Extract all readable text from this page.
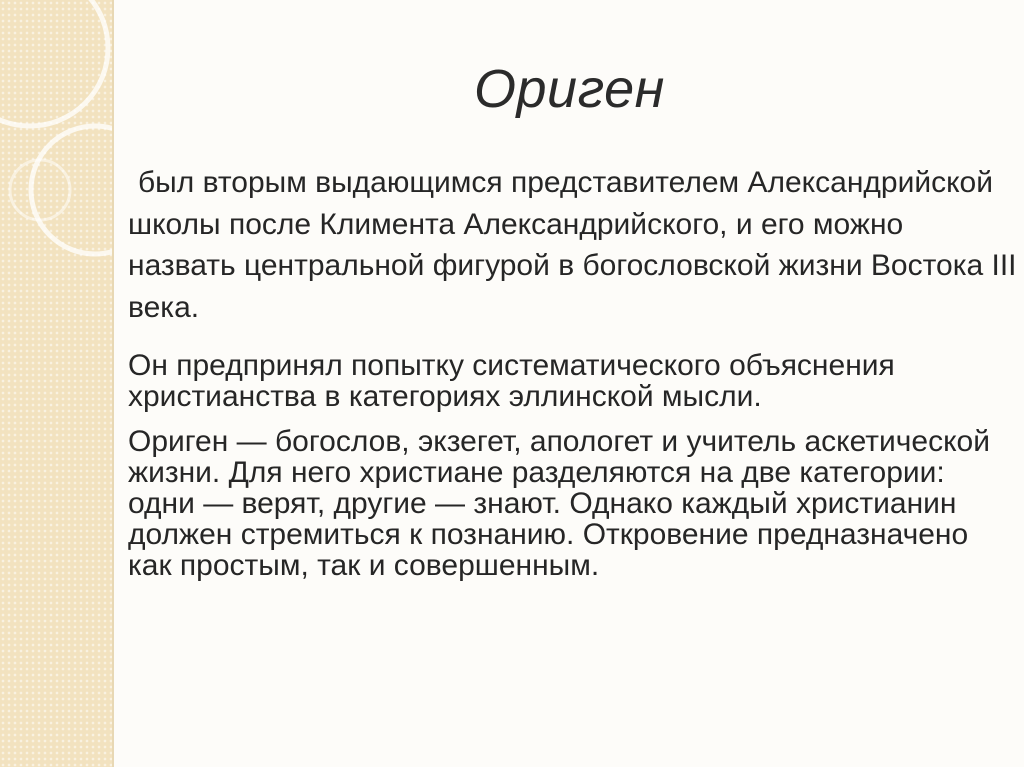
Ориген

был вторым выдающимся представителем Александрийской школы после Климента Александрийского, и его можно назвать центральной фигурой в богословской жизни Востока III века.

Он предпринял попытку систематического объяснения христианства в категориях эллинской мысли.

Ориген — богослов, экзегет, апологет и учитель аскетической жизни. Для него христиане разделяются на две категории: одни — верят, другие — знают. Однако каждый христианин должен стремиться к познанию. Откровение предназначено как простым, так и совершенным.
